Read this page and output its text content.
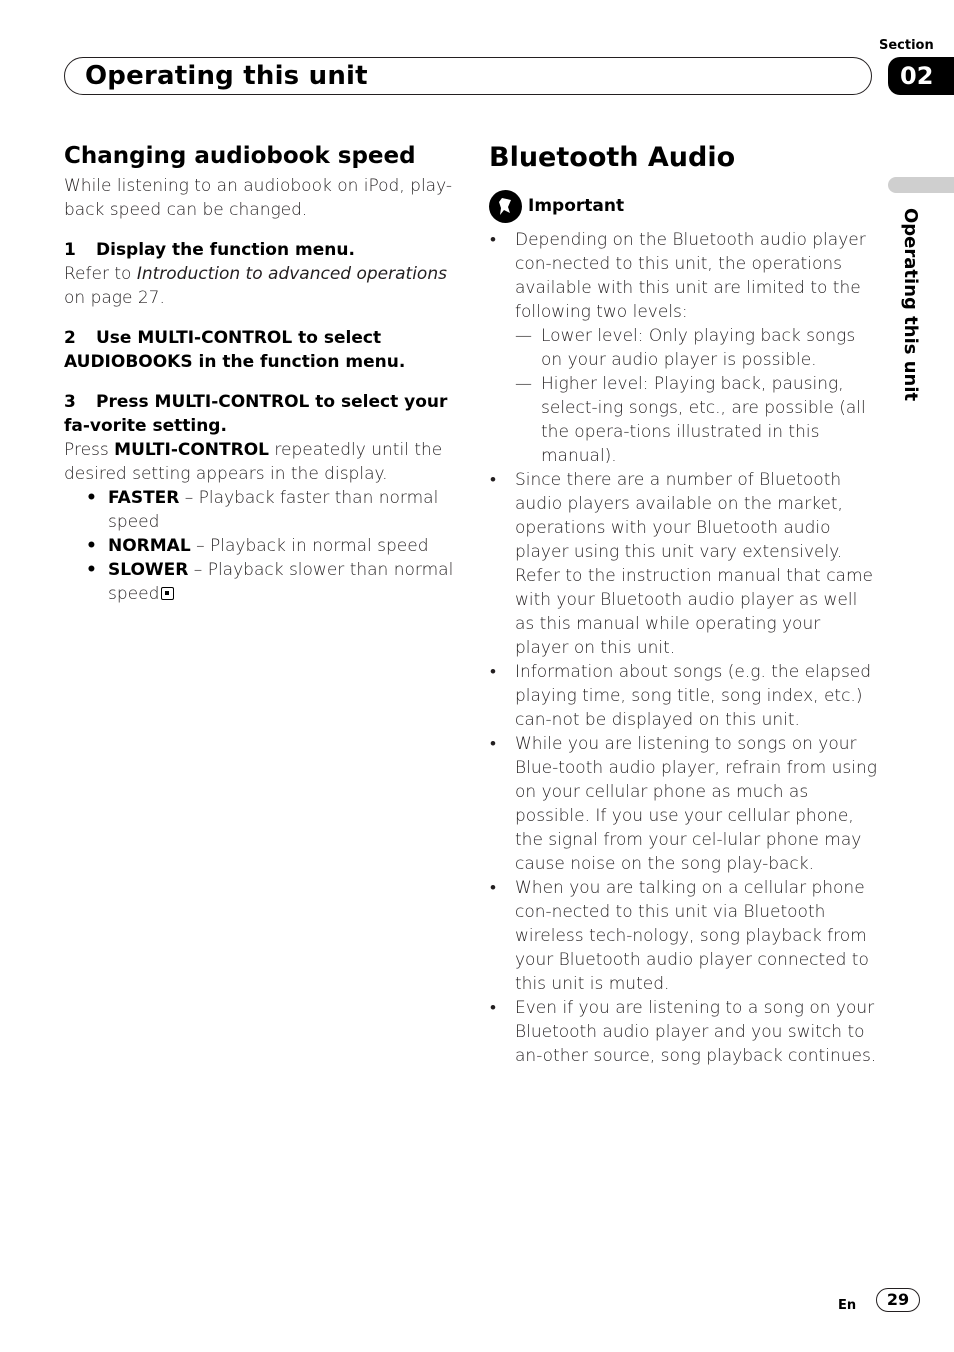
Section
Operating this unit	02
Operating this unit
Changing audiobook speed

While listening to an audiobook on iPod, play-back speed can be changed.

1 Display the function menu.

Refer to Introduction to advanced operations on page 27.

2 Use MULTI-CONTROL to select AUDIOBOOKS in the function menu.
3 Press MULTI-CONTROL to select your fa-vorite setting.

Press MULTI-CONTROL repeatedly until the desired setting appears in the display.

• FASTER – Playback faster than normal speed
• NORMAL – Playback in normal speed
• SLOWER – Playback slower than normal speed
Bluetooth Audio
Important
• Depending on the Bluetooth audio player con-nected to this unit, the operations available with this unit are limited to the following two levels:
— Lower level: Only playing back songs on your audio player is possible.
— Higher level: Playing back, pausing, select-ing songs, etc., are possible (all the opera-tions illustrated in this manual).
• Since there are a number of Bluetooth audio players available on the market, operations with your Bluetooth audio player using this unit vary extensively. Refer to the instruction manual that came with your Bluetooth audio player as well as this manual while operating your player on this unit.
• Information about songs (e.g. the elapsed playing time, song title, song index, etc.) can-not be displayed on this unit.
• While you are listening to songs on your Blue-tooth audio player, refrain from using on your cellular phone as much as possible. If you use your cellular phone, the signal from your cel-lular phone may cause noise on the song play-back.
• When you are talking on a cellular phone con-nected to this unit via Bluetooth wireless tech-nology, song playback from your Bluetooth audio player connected to this unit is muted.
• Even if you are listening to a song on your Bluetooth audio player and you switch to an-other source, song playback continues.
En	29
